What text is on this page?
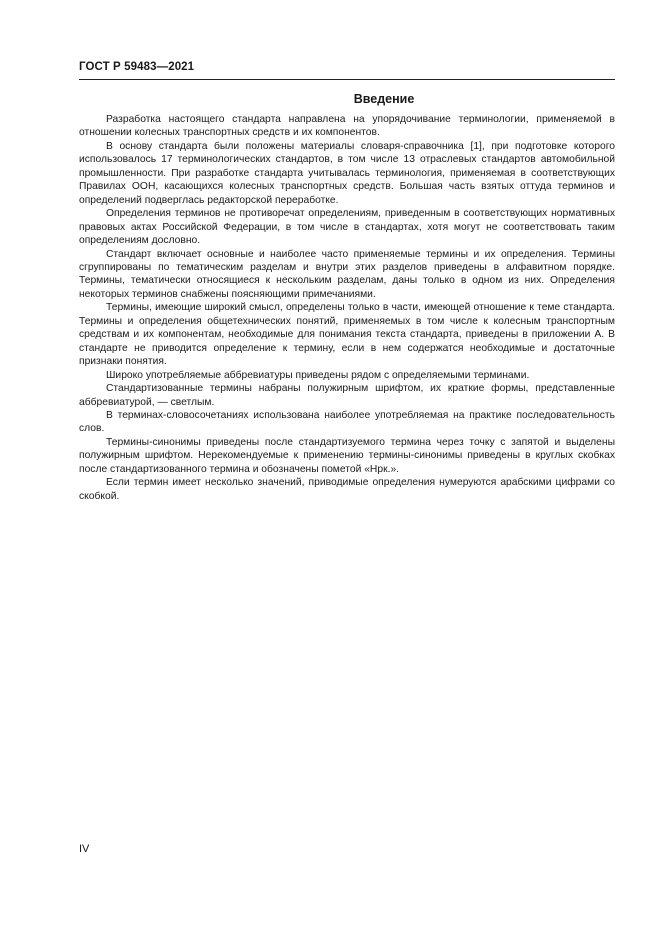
ГОСТ Р 59483—2021
Введение

Разработка настоящего стандарта направлена на упорядочивание терминологии, применяемой в отношении колесных транспортных средств и их компонентов.

В основу стандарта были положены материалы словаря-справочника [1], при подготовке которого использовалось 17 терминологических стандартов, в том числе 13 отраслевых стандартов автомобильной промышленности. При разработке стандарта учитывалась терминология, применяемая в соответствующих Правилах ООН, касающихся колесных транспортных средств. Большая часть взятых оттуда терминов и определений подверглась редакторской переработке.

Определения терминов не противоречат определениям, приведенным в соответствующих нормативных правовых актах Российской Федерации, в том числе в стандартах, хотя могут не соответствовать таким определениям дословно.

Стандарт включает основные и наиболее часто применяемые термины и их определения. Термины сгруппированы по тематическим разделам и внутри этих разделов приведены в алфавитном порядке. Термины, тематически относящиеся к нескольким разделам, даны только в одном из них. Определения некоторых терминов снабжены поясняющими примечаниями.

Термины, имеющие широкий смысл, определены только в части, имеющей отношение к теме стандарта. Термины и определения общетехнических понятий, применяемых в том числе к колесным транспортным средствам и их компонентам, необходимые для понимания текста стандарта, приведены в приложении А. В стандарте не приводится определение к термину, если в нем содержатся необходимые и достаточные признаки понятия.

Широко употребляемые аббревиатуры приведены рядом с определяемыми терминами.

Стандартизованные термины набраны полужирным шрифтом, их краткие формы, представленные аббревиатурой, — светлым.

В терминах-словосочетаниях использована наиболее употребляемая на практике последовательность слов.

Термины-синонимы приведены после стандартизуемого термина через точку с запятой и выделены полужирным шрифтом. Нерекомендуемые к применению термины-синонимы приведены в круглых скобках после стандартизованного термина и обозначены пометой «Нрк.».

Если термин имеет несколько значений, приводимые определения нумеруются арабскими цифрами со скобкой.

IV
